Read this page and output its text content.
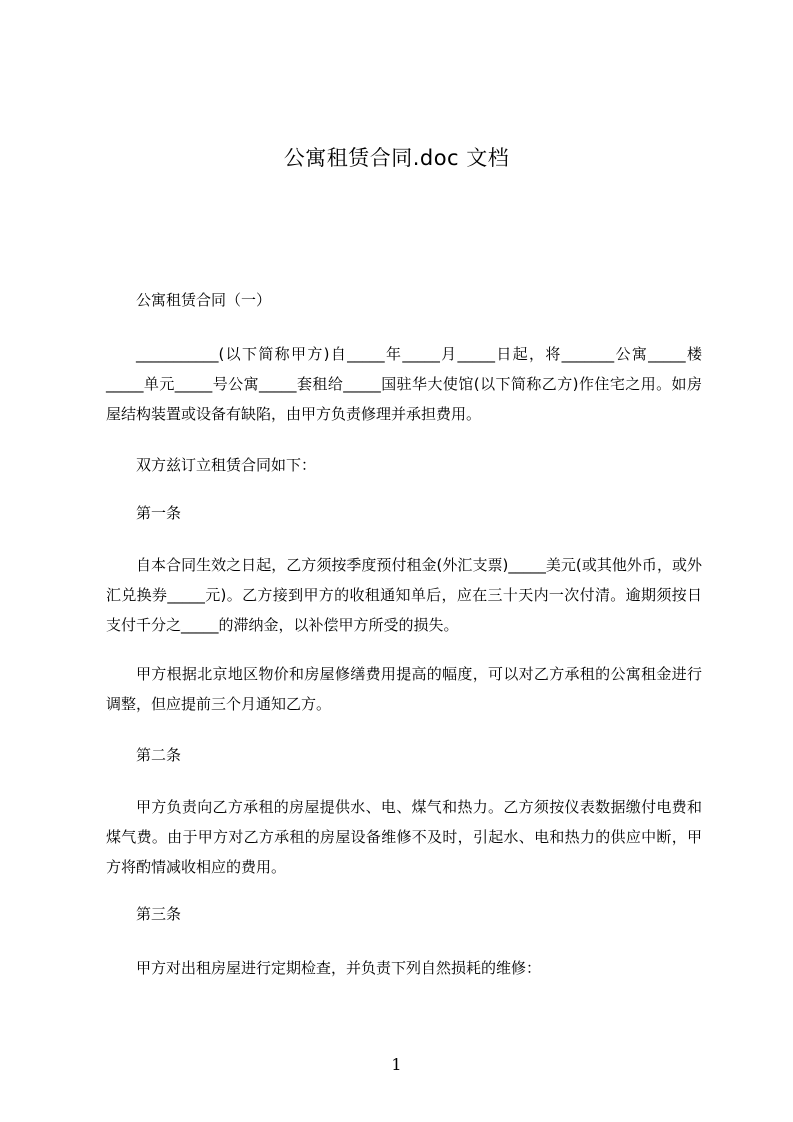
公寓租赁合同.doc 文档
公寓租赁合同（一）
___________(以下简称甲方)自_____年_____月_____日起，将_______公寓_____楼_____单元_____号公寓_____套租给_____国驻华大使馆(以下简称乙方)作住宅之用。如房屋结构装置或设备有缺陷，由甲方负责修理并承担费用。
双方兹订立租赁合同如下：
第一条
自本合同生效之日起，乙方须按季度预付租金(外汇支票)_____美元(或其他外币，或外汇兑换券_____元)。乙方接到甲方的收租通知单后，应在三十天内一次付清。逾期须按日支付千分之_____的滞纳金，以补偿甲方所受的损失。
甲方根据北京地区物价和房屋修缮费用提高的幅度，可以对乙方承租的公寓租金进行调整，但应提前三个月通知乙方。
第二条
甲方负责向乙方承租的房屋提供水、电、煤气和热力。乙方须按仪表数据缴付电费和煤气费。由于甲方对乙方承租的房屋设备维修不及时，引起水、电和热力的供应中断，甲方将酌情减收相应的费用。
第三条
甲方对出租房屋进行定期检查，并负责下列自然损耗的维修：
1
